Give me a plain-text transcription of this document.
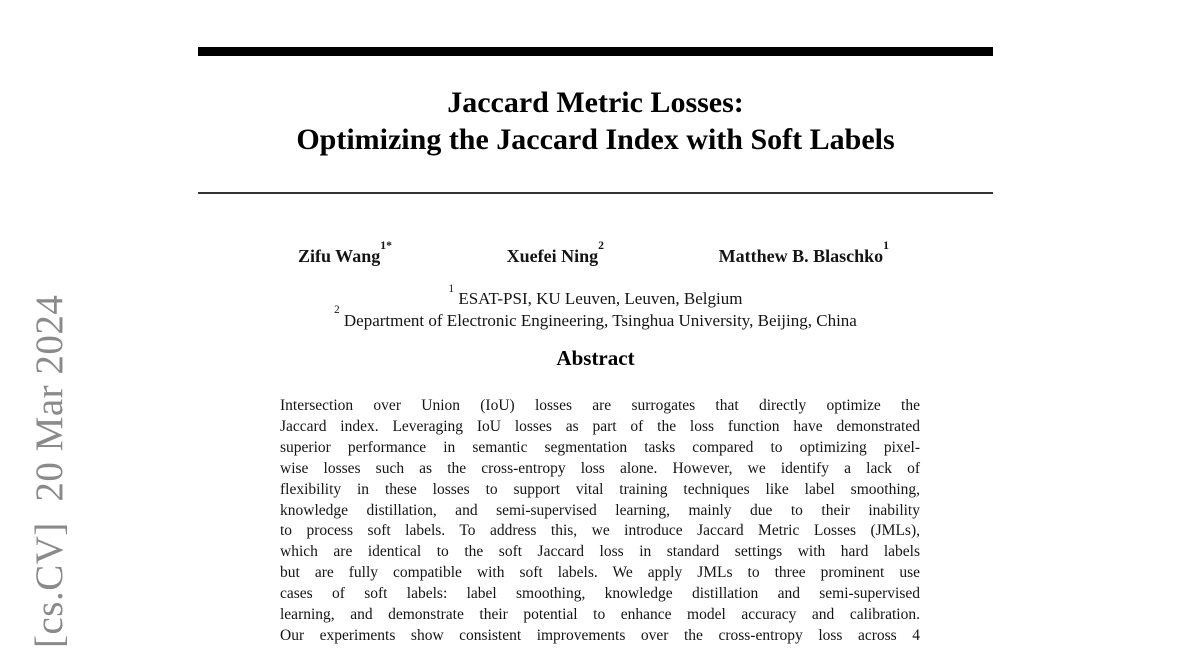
[cs.CV]  20 Mar 2024
Jaccard Metric Losses:
Optimizing the Jaccard Index with Soft Labels
Zifu Wang$^{1*}$
Xuefei Ning$^2$
Matthew B. Blaschko$^1$
$^1$ ESAT-PSI, KU Leuven, Leuven, Belgium
$^2$ Department of Electronic Engineering, Tsinghua University, Beijing, China
Abstract
Intersection over Union (IoU) losses are surrogates that directly optimize the
Jaccard index. Leveraging IoU losses as part of the loss function have demonstrated
superior performance in semantic segmentation tasks compared to optimizing pixel-
wise losses such as the cross-entropy loss alone. However, we identify a lack of
flexibility in these losses to support vital training techniques like label smoothing,
knowledge distillation, and semi-supervised learning, mainly due to their inability
to process soft labels. To address this, we introduce Jaccard Metric Losses (JMLs),
which are identical to the soft Jaccard loss in standard settings with hard labels
but are fully compatible with soft labels. We apply JMLs to three prominent use
cases of soft labels: label smoothing, knowledge distillation and semi-supervised
learning, and demonstrate their potential to enhance model accuracy and calibration.
Our experiments show consistent improvements over the cross-entropy loss across 4
